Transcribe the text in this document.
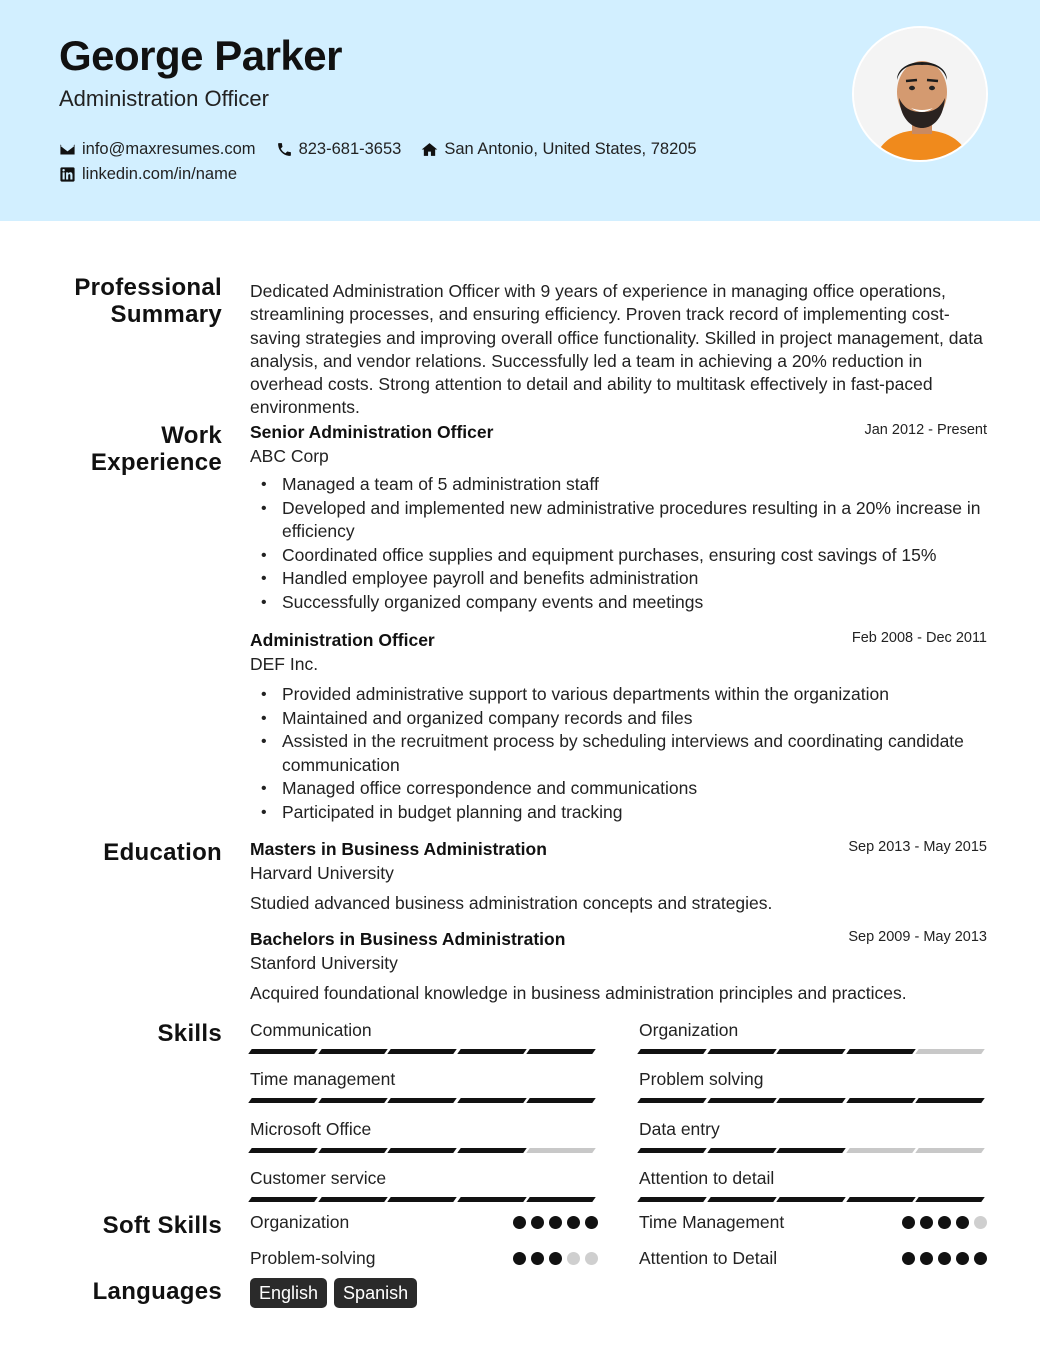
George Parker
Administration Officer
info@maxresumes.com	823-681-3653	San Antonio, United States, 78205
linkedin.com/in/name
Professional
Summary
Work
Experience
Education
Skills
Soft Skills
Languages
Dedicated Administration Officer with 9 years of experience in managing office operations, streamlining processes, and ensuring efficiency. Proven track record of implementing cost-saving strategies and improving overall office functionality. Skilled in project management, data analysis, and vendor relations. Successfully led a team in achieving a 20% reduction in overhead costs. Strong attention to detail and ability to multitask effectively in fast-paced environments.
Senior Administration Officer	Jan 2012 - Present
ABC Corp
• Managed a team of 5 administration staff
• Developed and implemented new administrative procedures resulting in a 20% increase in efficiency
• Coordinated office supplies and equipment purchases, ensuring cost savings of 15%
• Handled employee payroll and benefits administration
• Successfully organized company events and meetings
Administration Officer	Feb 2008 - Dec 2011
DEF Inc.
• Provided administrative support to various departments within the organization
• Maintained and organized company records and files
• Assisted in the recruitment process by scheduling interviews and coordinating candidate communication
• Managed office correspondence and communications
• Participated in budget planning and tracking
Masters in Business Administration	Sep 2013 - May 2015
Harvard University
Studied advanced business administration concepts and strategies.
Bachelors in Business Administration	Sep 2009 - May 2013
Stanford University
Acquired foundational knowledge in business administration principles and practices.
Communication	Organization
Time management	Problem solving
Microsoft Office	Data entry
Customer service	Attention to detail
Organization	Time Management
Problem-solving	Attention to Detail
English	Spanish
